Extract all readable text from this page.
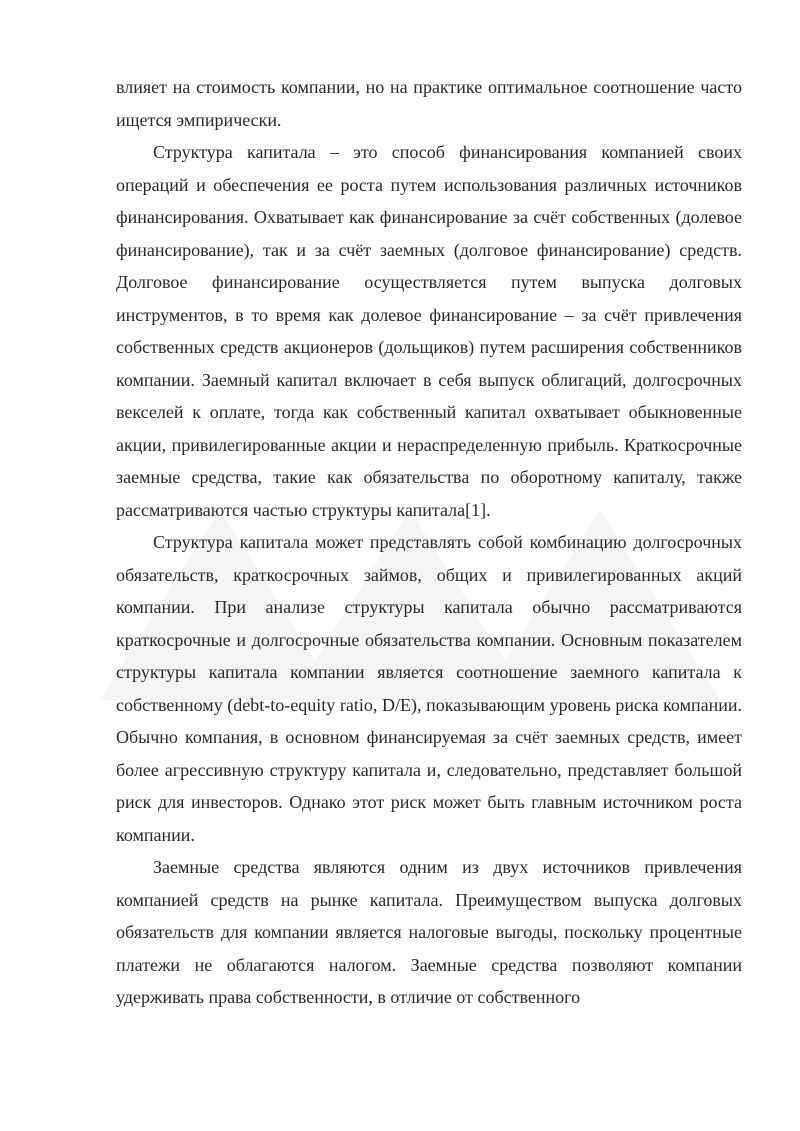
влияет на стоимость компании, но на практике оптимальное соотношение часто ищется эмпирически.

Структура капитала – это способ финансирования компанией своих операций и обеспечения ее роста путем использования различных источников финансирования. Охватывает как финансирование за счёт собственных (долевое финансирование), так и за счёт заемных (долговое финансирование) средств. Долговое финансирование осуществляется путем выпуска долговых инструментов, в то время как долевое финансирование – за счёт привлечения собственных средств акционеров (дольщиков) путем расширения собственников компании. Заемный капитал включает в себя выпуск облигаций, долгосрочных векселей к оплате, тогда как собственный капитал охватывает обыкновенные акции, привилегированные акции и нераспределенную прибыль. Краткосрочные заемные средства, такие как обязательства по оборотному капиталу, также рассматриваются частью структуры капитала[1].

Структура капитала может представлять собой комбинацию долгосрочных обязательств, краткосрочных займов, общих и привилегированных акций компании. При анализе структуры капитала обычно рассматриваются краткосрочные и долгосрочные обязательства компании. Основным показателем структуры капитала компании является соотношение заемного капитала к собственному (debt-to-equity ratio, D/E), показывающим уровень риска компании. Обычно компания, в основном финансируемая за счёт заемных средств, имеет более агрессивную структуру капитала и, следовательно, представляет большой риск для инвесторов. Однако этот риск может быть главным источником роста компании.

Заемные средства являются одним из двух источников привлечения компанией средств на рынке капитала. Преимуществом выпуска долговых обязательств для компании является налоговые выгоды, поскольку процентные платежи не облагаются налогом. Заемные средства позволяют компании удерживать права собственности, в отличие от собственного
